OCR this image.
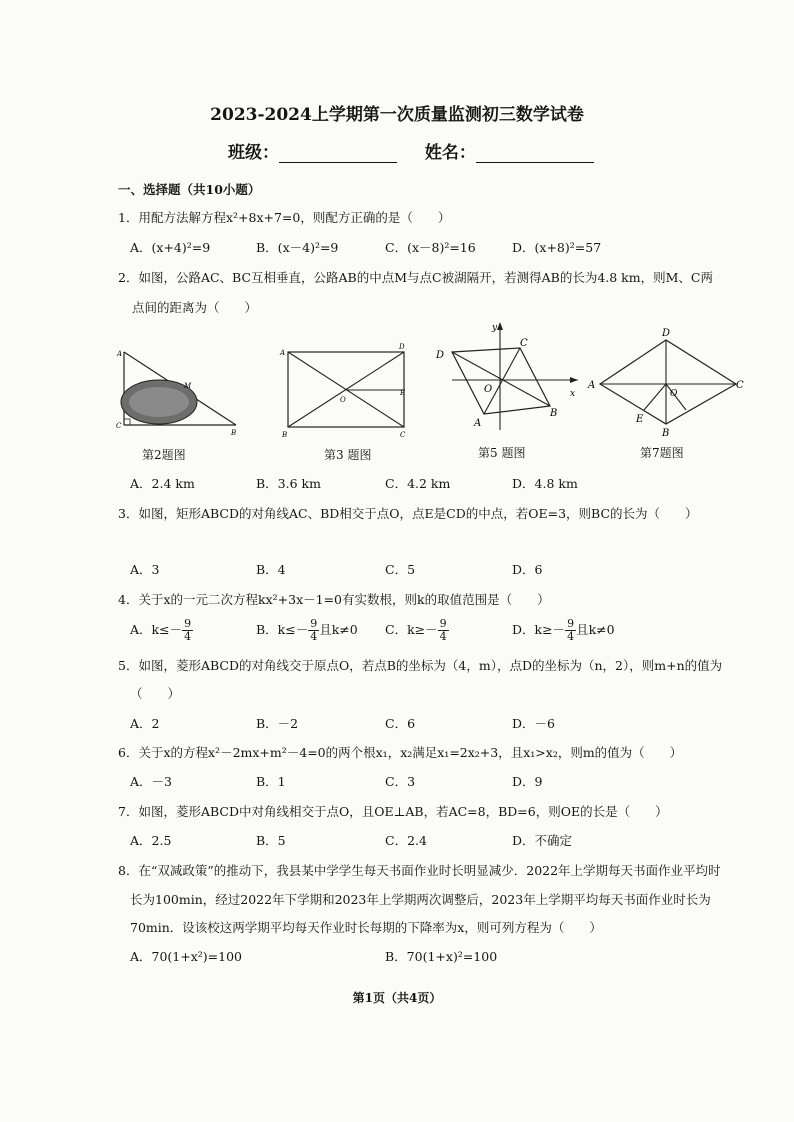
2023-2024上学期第一次质量监测初三数学试卷
班级：	姓名：
一、选择题（共10小题）
1．用配方法解方程x²+8x+7=0，则配方正确的是（　　）
A．(x+4)²=9	B．(x－4)²=9	C．(x－8)²=16	D．(x+8)²=57
2．如图，公路AC、BC互相垂直，公路AB的中点M与点C被湖隔开，若测得AB的长为4.8 km，则M、C两
点间的距离为（　　）
A
C
B
M
第2题图
A
D
B	C
O
E
第3 题图
y
x
D
C
B
A
O
第5 题图
A
D
C
B
E
O
第7题图
A．2.4 km	B．3.6 km	C．4.2 km	D．4.8 km
3．如图，矩形ABCD的对角线AC、BD相交于点O，点E是CD的中点，若OE=3，则BC的长为（　　）
A．3	B．4	C．5	D．6
4．关于x的一元二次方程kx²+3x－1=0有实数根，则k的取值范围是（　　）
A．$k\le- \frac{9}{4}$	B．$k\le- \frac{9}{4}$ 且k≠0 C．$k\ge- \frac{9}{4}$	D．$k\ge- \frac{9}{4}$ 且k≠0
5．如图，菱形ABCD的对角线交于原点O，若点B的坐标为（4，m），点D的坐标为（n，2），则m+n的值为
（　　）
A．2	B．－2	C．6	D．－6
6．关于x的方程x²－2mx+m²－4=0的两个根x₁，x₂满足x₁=2x₂+3，且x₁>x₂，则m的值为（　　）
A．－3	B．1	C．3	D．9
7．如图，菱形ABCD中对角线相交于点O，且OE⊥AB，若AC=8，BD=6，则OE的长是（　　）
A．2.5	B．5	C．2.4	D．不确定
8．在“双减政策”的推动下，我县某中学学生每天书面作业时长明显减少．2022年上学期每天书面作业平均时
长为100min，经过2022年下学期和2023年上学期两次调整后，2023年上学期平均每天书面作业时长为
70min．设该校这两学期平均每天作业时长每期的下降率为x，则可列方程为（　　）
A．70(1+x²)=100	B．70(1+x)²=100
第1页（共4页）
